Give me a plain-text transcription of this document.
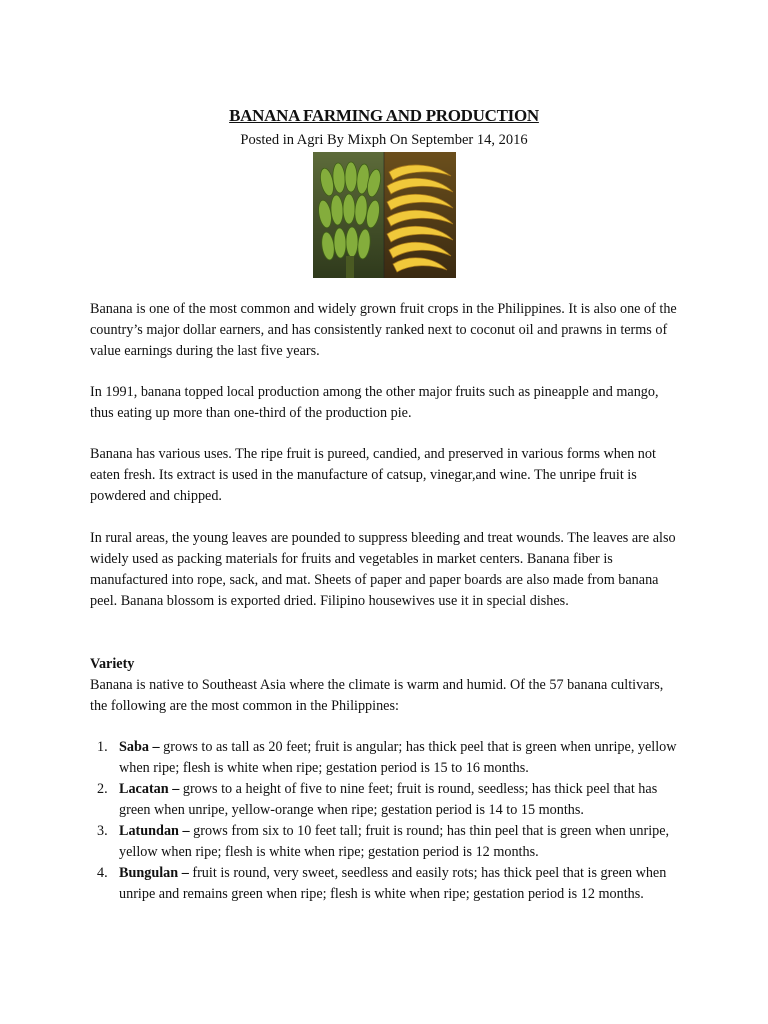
BANANA FARMING AND PRODUCTION
Posted in Agri By Mixph On September 14, 2016
Banana is one of the most common and widely grown fruit crops in the Philippines. It is also one of the country’s major dollar earners, and has consistently ranked next to coconut oil and prawns in terms of value earnings during the last five years.
In 1991, banana topped local production among the other major fruits such as pineapple and mango, thus eating up more than one-third of the production pie.
Banana has various uses. The ripe fruit is pureed, candied, and preserved in various forms when not eaten fresh. Its extract is used in the manufacture of catsup, vinegar,and wine. The unripe fruit is powdered and chipped.
In rural areas, the young leaves are pounded to suppress bleeding and treat wounds. The leaves are also widely used as packing materials for fruits and vegetables in market centers. Banana fiber is manufactured into rope, sack, and mat. Sheets of paper and paper boards are also made from banana peel. Banana blossom is exported dried. Filipino housewives use it in special dishes.
Variety
Banana is native to Southeast Asia where the climate is warm and humid. Of the 57 banana cultivars, the following are the most common in the Philippines:
1. Saba – grows to as tall as 20 feet; fruit is angular; has thick peel that is green when unripe, yellow when ripe; flesh is white when ripe; gestation period is 15 to 16 months.
2. Lacatan – grows to a height of five to nine feet; fruit is round, seedless; has thick peel that has green when unripe, yellow-orange when ripe; gestation period is 14 to 15 months.
3. Latundan – grows from six to 10 feet tall; fruit is round; has thin peel that is green when unripe, yellow when ripe; flesh is white when ripe; gestation period is 12 months.
4. Bungulan – fruit is round, very sweet, seedless and easily rots; has thick peel that is green when unripe and remains green when ripe; flesh is white when ripe; gestation period is 12 months.
